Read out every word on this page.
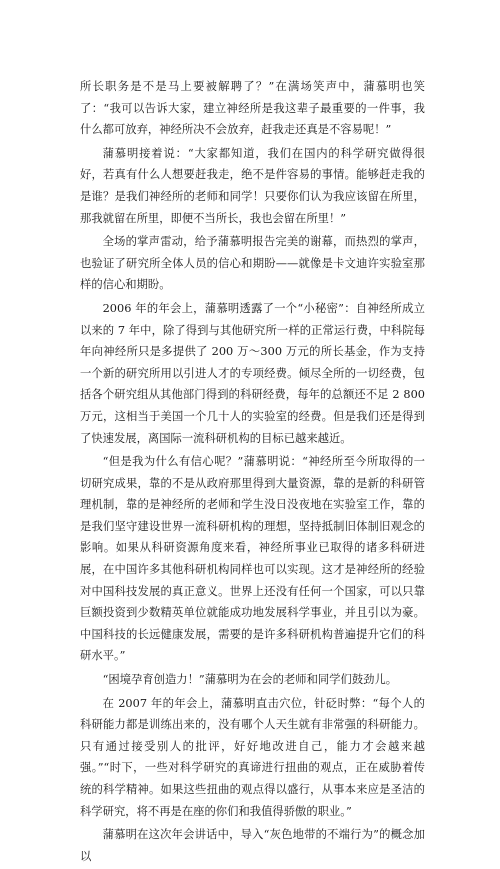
所长职务是不是马上要被解聘了？”在满场笑声中，蒲慕明也笑了：“我可以告诉大家，建立神经所是我这辈子最重要的一件事，我什么都可放弃，神经所决不会放弃，赶我走还真是不容易呢！”

蒲慕明接着说：“大家都知道，我们在国内的科学研究做得很好，若真有什么人想要赶我走，绝不是件容易的事情。能够赶走我的是谁？是我们神经所的老师和同学！只要你们认为我应该留在所里，那我就留在所里，即便不当所长，我也会留在所里！”

全场的掌声雷动，给予蒲慕明报告完美的谢幕，而热烈的掌声，也验证了研究所全体人员的信心和期盼——就像是卡文迪许实验室那样的信心和期盼。

2006 年的年会上，蒲慕明透露了一个“小秘密”：自神经所成立以来的 7 年中，除了得到与其他研究所一样的正常运行费，中科院每年向神经所只是多提供了 200 万～300 万元的所长基金，作为支持一个新的研究所用以引进人才的专项经费。倾尽全所的一切经费，包括各个研究组从其他部门得到的科研经费，每年的总额还不足 2 800 万元，这相当于美国一个几十人的实验室的经费。但是我们还是得到了快速发展，离国际一流科研机构的目标已越来越近。

“但是我为什么有信心呢？”蒲慕明说：“神经所至今所取得的一切研究成果，靠的不是从政府那里得到大量资源，靠的是新的科研管理机制，靠的是神经所的老师和学生没日没夜地在实验室工作，靠的是我们坚守建设世界一流科研机构的理想，坚持抵制旧体制旧观念的影响。如果从科研资源角度来看，神经所事业已取得的诸多科研进展，在中国许多其他科研机构同样也可以实现。这才是神经所的经验对中国科技发展的真正意义。世界上还没有任何一个国家，可以只靠巨额投资到少数精英单位就能成功地发展科学事业，并且引以为豪。中国科技的长远健康发展，需要的是许多科研机构普遍提升它们的科研水平。”

“困境孕育创造力！”蒲慕明为在会的老师和同学们鼓劲儿。

在 2007 年的年会上，蒲慕明直击穴位，针砭时弊：“每个人的科研能力都是训练出来的，没有哪个人天生就有非常强的科研能力。只有通过接受别人的批评，好好地改进自己，能力才会越来越强。”“时下，一些对科学研究的真谛进行扭曲的观点，正在威胁着传统的科学精神。如果这些扭曲的观点得以盛行，从事本来应是圣洁的科学研究，将不再是在座的你们和我值得骄傲的职业。”

蒲慕明在这次年会讲话中，导入“灰色地带的不端行为”的概念加以
